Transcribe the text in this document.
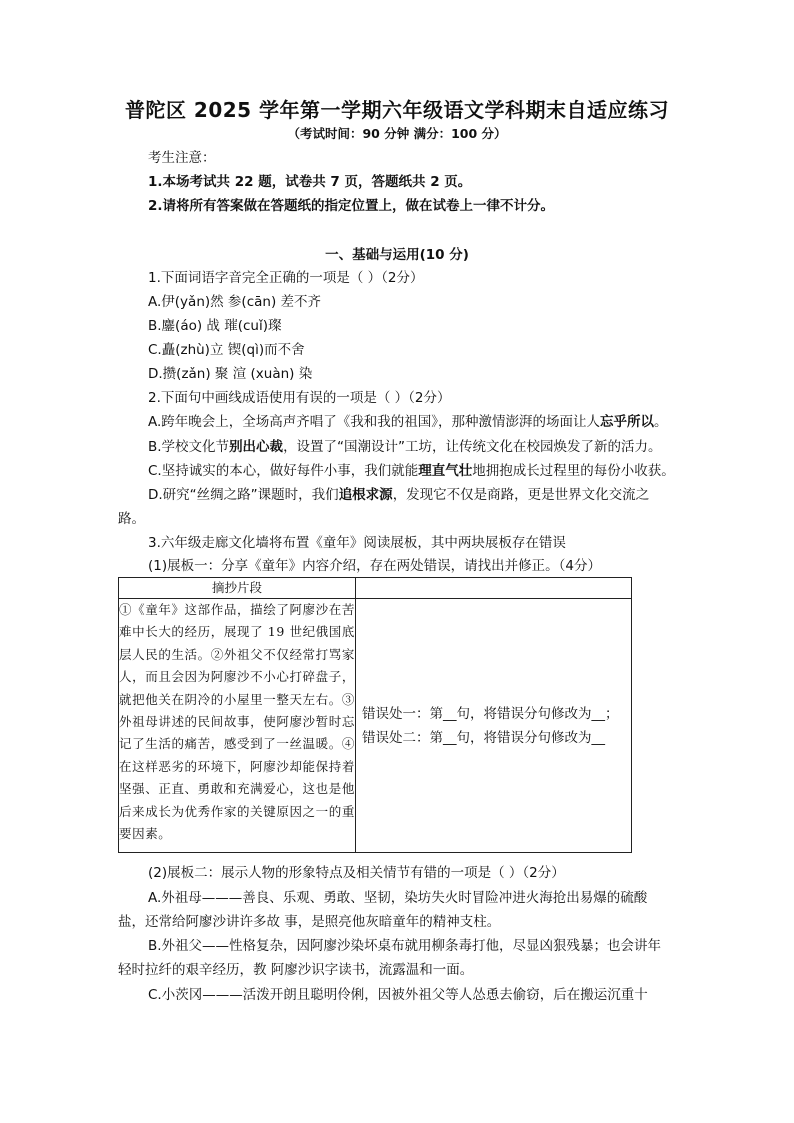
普陀区 2025 学年第一学期六年级语文学科期末自适应练习
（考试时间：90 分钟 满分：100 分）
考生注意：
1.本场考试共 22 题，试卷共 7 页，答题纸共 2 页。
2.请将所有答案做在答题纸的指定位置上，做在试卷上一律不计分。
一、基础与运用(10 分)
1.下面词语字音完全正确的一项是（ ）（2分）
A.伊(yǎn)然 参(cān) 差不齐
B.鏖(áo) 战 璀(cuǐ)璨
C.矗(zhù)立 锲(qì)而不舍
D.攒(zǎn) 聚 渲 (xuàn) 染
2.下面句中画线成语使用有误的一项是（ ）（2分）
A.跨年晚会上，全场高声齐唱了《我和我的祖国》，那种激情澎湃的场面让人忘乎所以。
B.学校文化节别出心裁，设置了“国潮设计”工坊，让传统文化在校园焕发了新的活力。
C.坚持诚实的本心，做好每件小事，我们就能理直气壮地拥抱成长过程里的每份小收获。
D.研究“丝绸之路”课题时，我们追根求源，发现它不仅是商路，更是世界文化交流之
路。
3.六年级走廊文化墙将布置《童年》阅读展板，其中两块展板存在错误
(1)展板一：分享《童年》内容介绍，存在两处错误，请找出并修正。（4分）
摘抄片段	
①《童年》这部作品，描绘了阿廖沙在苦难中长大的经历，展现了 19 世纪俄国底层人民的生活。②外祖父不仅经常打骂家人，而且会因为阿廖沙不小心打碎盘子，就把他关在阴冷的小屋里一整天左右。③外祖母讲述的民间故事，使阿廖沙暂时忘记了生活的痛苦，感受到了一丝温暖。④在这样恶劣的环境下，阿廖沙却能保持着坚强、正直、勇敢和充满爱心，这也是他后来成长为优秀作家的关键原因之一的重要因素。	错误处一：第__句，将错误分句修改为__；
错误处二：第__句，将错误分句修改为__
(2)展板二：展示人物的形象特点及相关情节有错的一项是（ ）（2分）
A.外祖母———善良、乐观、勇敢、坚韧，染坊失火时冒险冲进火海抢出易爆的硫酸
盐，还常给阿廖沙讲许多故 事，是照亮他灰暗童年的精神支柱。
B.外祖父——性格复杂，因阿廖沙染坏桌布就用柳条毒打他，尽显凶狠残暴；也会讲年
轻时拉纤的艰辛经历，教 阿廖沙识字读书，流露温和一面。
C.小茨冈———活泼开朗且聪明伶俐，因被外祖父等人怂恿去偷窃，后在搬运沉重十
